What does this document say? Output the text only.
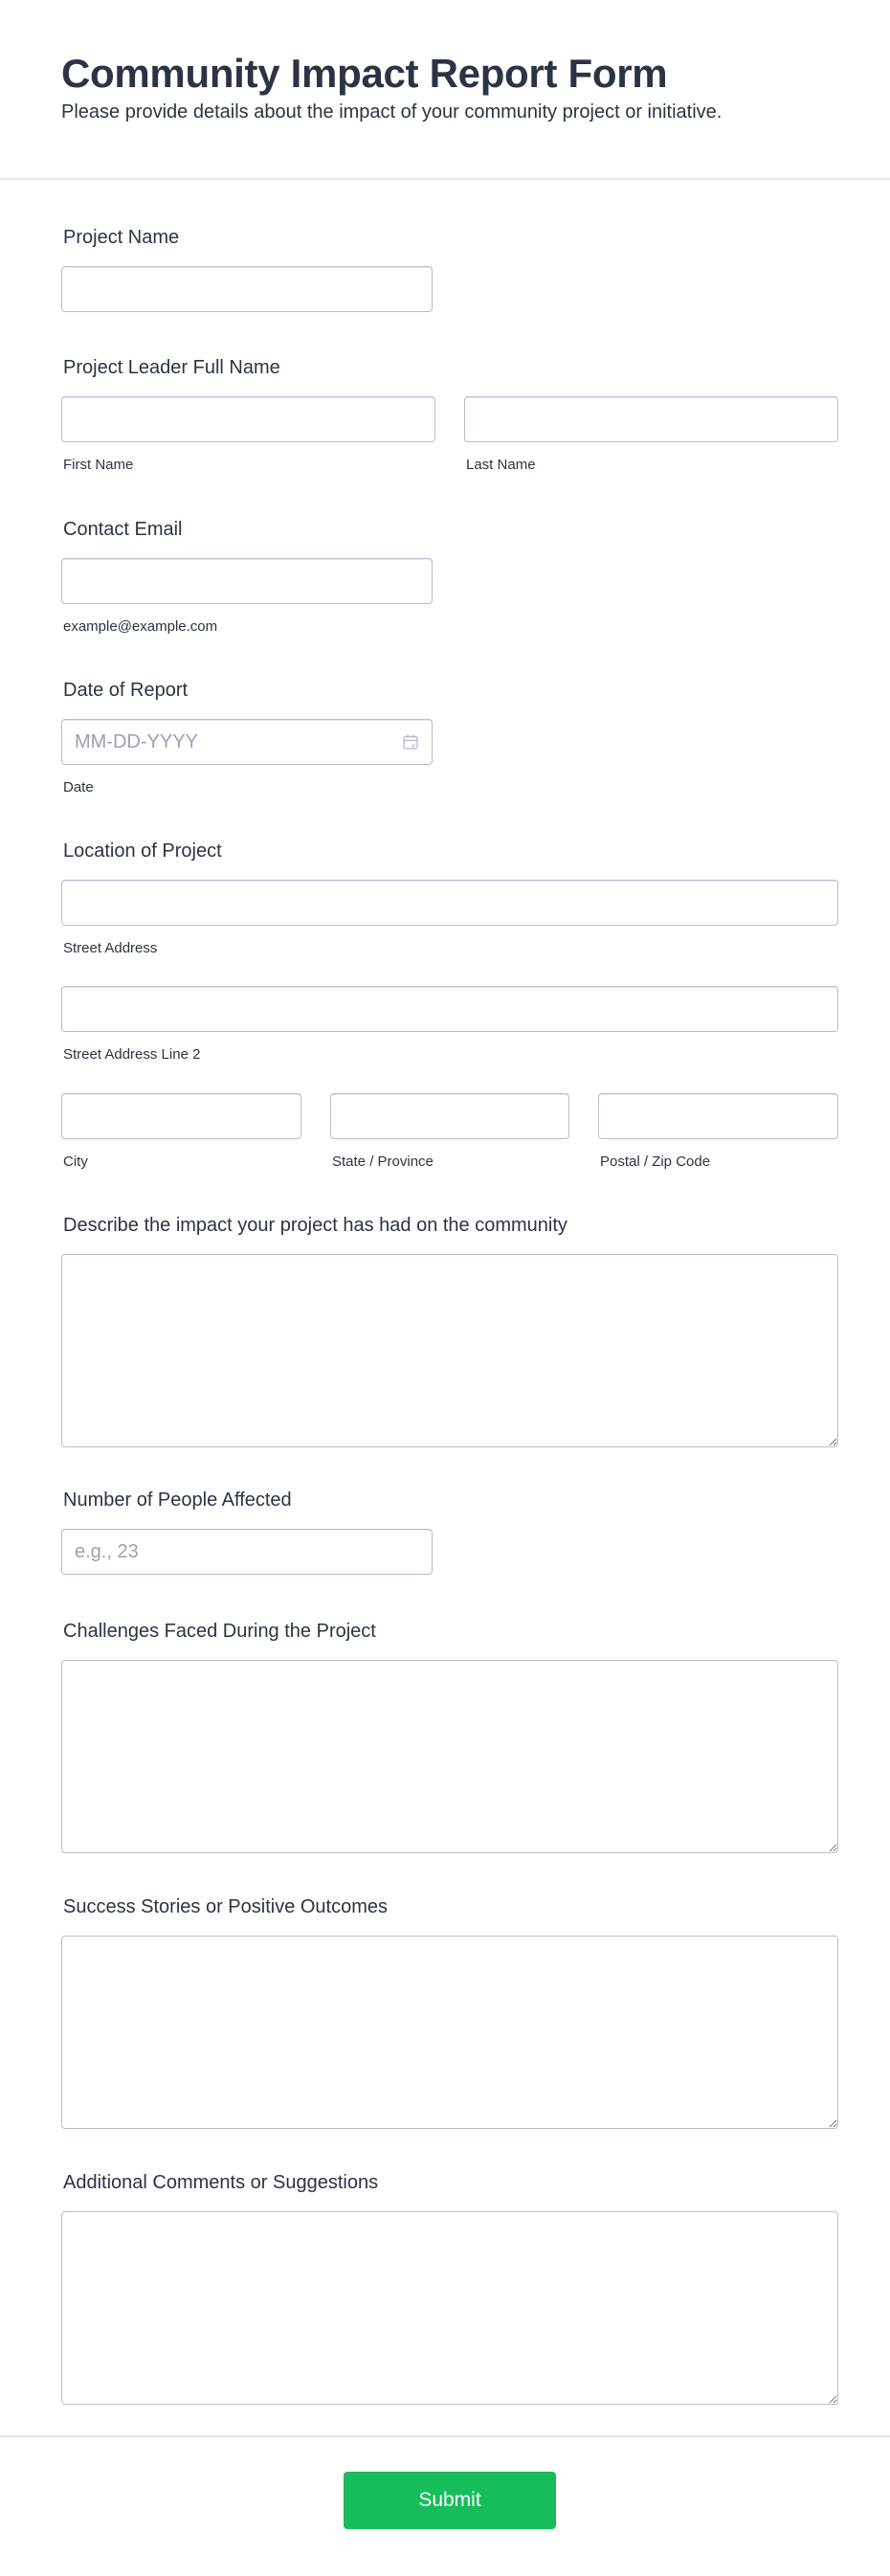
Community Impact Report Form

Please provide details about the impact of your community project or initiative.

Project Name
Project Leader Full Name
First Name	Last Name
Contact Email
example@example.com
Date of Report
MM-DD-YYYY
Date
Location of Project
Street Address
Street Address Line 2
City	State / Province	Postal / Zip Code
Describe the impact your project has had on the community
Number of People Affected
e.g., 23
Challenges Faced During the Project
Success Stories or Positive Outcomes
Additional Comments or Suggestions
Submit
